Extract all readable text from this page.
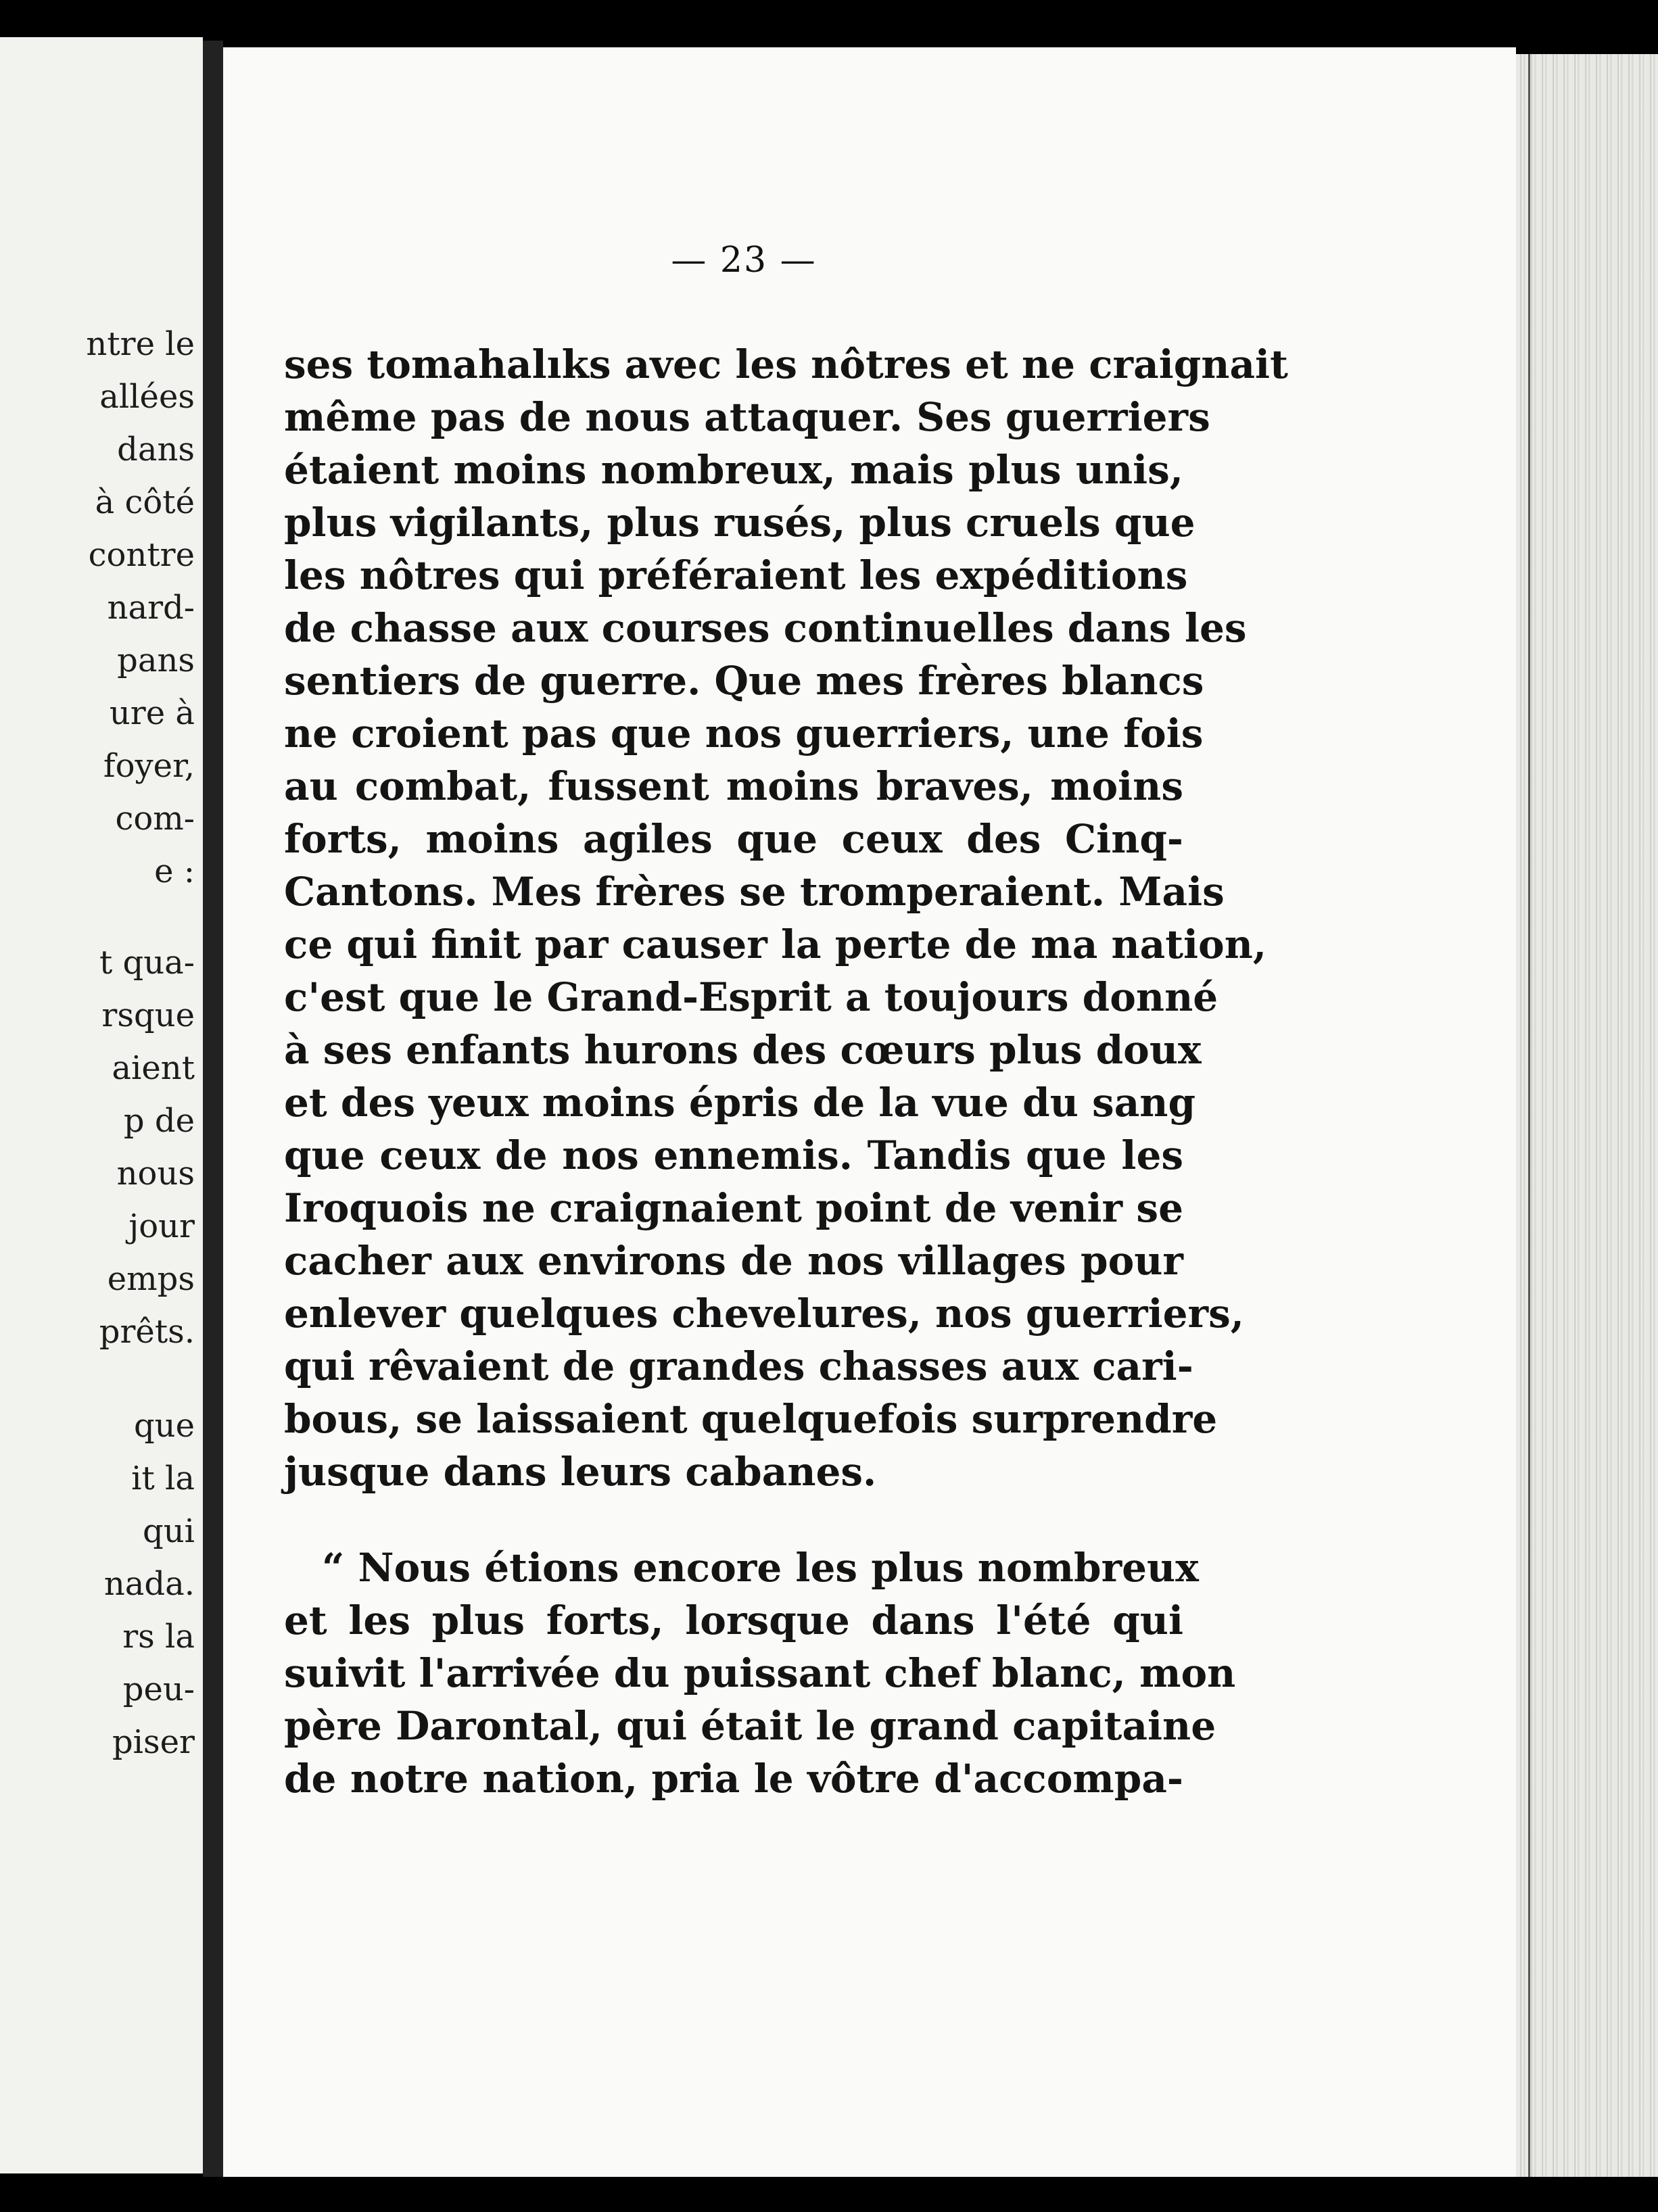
ntre le
allées
dans
à côté
contre
nard-
pans
ure à
foyer,
com-
e :
t qua-
rsque
aient
p de
nous
jour
emps
prêts.
que
it la
qui
nada.
rs la
peu-
piser
— 23 —
ses tomahalıks avec les nôtres et ne craignait
même pas de nous attaquer. Ses guerriers
étaient moins nombreux, mais plus unis,
plus vigilants, plus rusés, plus cruels que
les nôtres qui préféraient les expéditions
de chasse aux courses continuelles dans les
sentiers de guerre. Que mes frères blancs
ne croient pas que nos guerriers, une fois
au combat, fussent moins braves, moins
forts, moins agiles que ceux des Cinq-
Cantons. Mes frères se tromperaient. Mais
ce qui finit par causer la perte de ma nation,
c'est que le Grand-Esprit a toujours donné
à ses enfants hurons des cœurs plus doux
et des yeux moins épris de la vue du sang
que ceux de nos ennemis. Tandis que les
Iroquois ne craignaient point de venir se
cacher aux environs de nos villages pour
enlever quelques chevelures, nos guerriers,
qui rêvaient de grandes chasses aux cari-
bous, se laissaient quelquefois surprendre
jusque dans leurs cabanes.
“ Nous étions encore les plus nombreux
et les plus forts, lorsque dans l'été qui
suivit l'arrivée du puissant chef blanc, mon
père Darontal, qui était le grand capitaine
de notre nation, pria le vôtre d'accompa-
